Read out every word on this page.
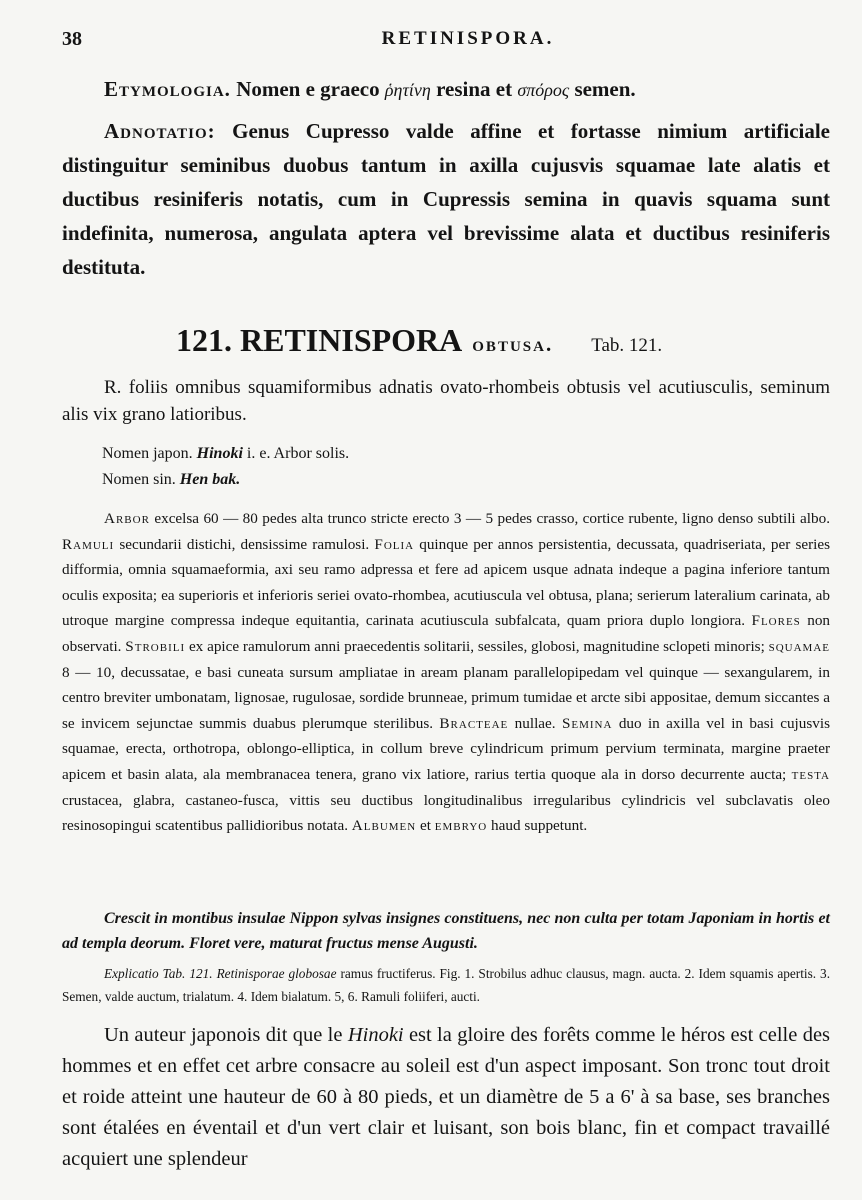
38	RETINISPORA.

Etymologia. Nomen e graeco ῥητίνη resina et σπόρος semen.

Adnotatio: Genus Cupresso valde affine et fortasse nimium artificiale distinguitur seminibus duobus tantum in axilla cujusvis squamae late alatis et ductibus resiniferis notatis, cum in Cupressis semina in quavis squama sunt indefinita, numerosa, angulata aptera vel brevissime alata et ductibus resiniferis destituta.

121. RETINISPORA obtusa. Tab. 121.
R. foliis omnibus squamiformibus adnatis ovato-rhombeis obtusis vel acutiusculis, seminum alis vix grano latioribus.
Nomen japon. Hinoki i. e. Arbor solis.
Nomen sin. Hen bak.

Arbor excelsa 60 — 80 pedes alta trunco stricte erecto 3 — 5 pedes crasso, cortice rubente, ligno denso subtili albo. Ramuli secundarii distichi, densissime ramulosi. Folia quinque per annos persistentia, decussata, quadriseriata, per series difformia, omnia squamaeformia, axi seu ramo adpressa et fere ad apicem usque adnata indeque a pagina inferiore tantum oculis exposita; ea superioris et inferioris seriei ovato-rhombea, acutiuscula vel obtusa, plana; serierum lateralium carinata, ab utroque margine compressa indeque equitantia, carinata acutiuscula subfalcata, quam priora duplo longiora. Flores non observati. Strobili ex apice ramulorum anni praecedentis solitarii, sessiles, globosi, magnitudine sclopeti minoris; squamae 8 — 10, decussatae, e basi cuneata sursum ampliatae in aream planam parallelopipedam vel quinque — sexangularem, in centro breviter umbonatam, lignosae, rugulosae, sordide brunneae, primum tumidae et arcte sibi appositae, demum siccantes a se invicem sejunctae summis duabus plerumque sterilibus. Bracteae nullae. Semina duo in axilla vel in basi cujusvis squamae, erecta, orthotropa, oblongo-elliptica, in collum breve cylindricum primum pervium terminata, margine praeter apicem et basin alata, ala membranacea tenera, grano vix latiore, rarius tertia quoque ala in dorso decurrente aucta; testa crustacea, glabra, castaneo-fusca, vittis seu ductibus longitudinalibus irregularibus cylindricis vel subclavatis oleo resinosopingui scatentibus pallidioribus notata. Albumen et embryo haud suppetunt.

Crescit in montibus insulae Nippon sylvas insignes constituens, nec non culta per totam Japoniam in hortis et ad templa deorum. Floret vere, maturat fructus mense Augusti.
Explicatio Tab. 121. Retinisporae globosae ramus fructiferus. Fig. 1. Strobilus adhuc clausus, magn. aucta. 2. Idem squamis apertis. 3. Semen, valde auctum, trialatum. 4. Idem bialatum. 5, 6. Ramuli foliiferi, aucti.

Un auteur japonois dit que le Hinoki est la gloire des forêts comme le héros est celle des hommes et en effet cet arbre consacre au soleil est d'un aspect imposant. Son tronc tout droit et roide atteint une hauteur de 60 à 80 pieds, et un diamètre de 5 a 6' à sa base, ses branches sont étalées en éventail et d'un vert clair et luisant, son bois blanc, fin et compact travaillé acquiert une splendeur
